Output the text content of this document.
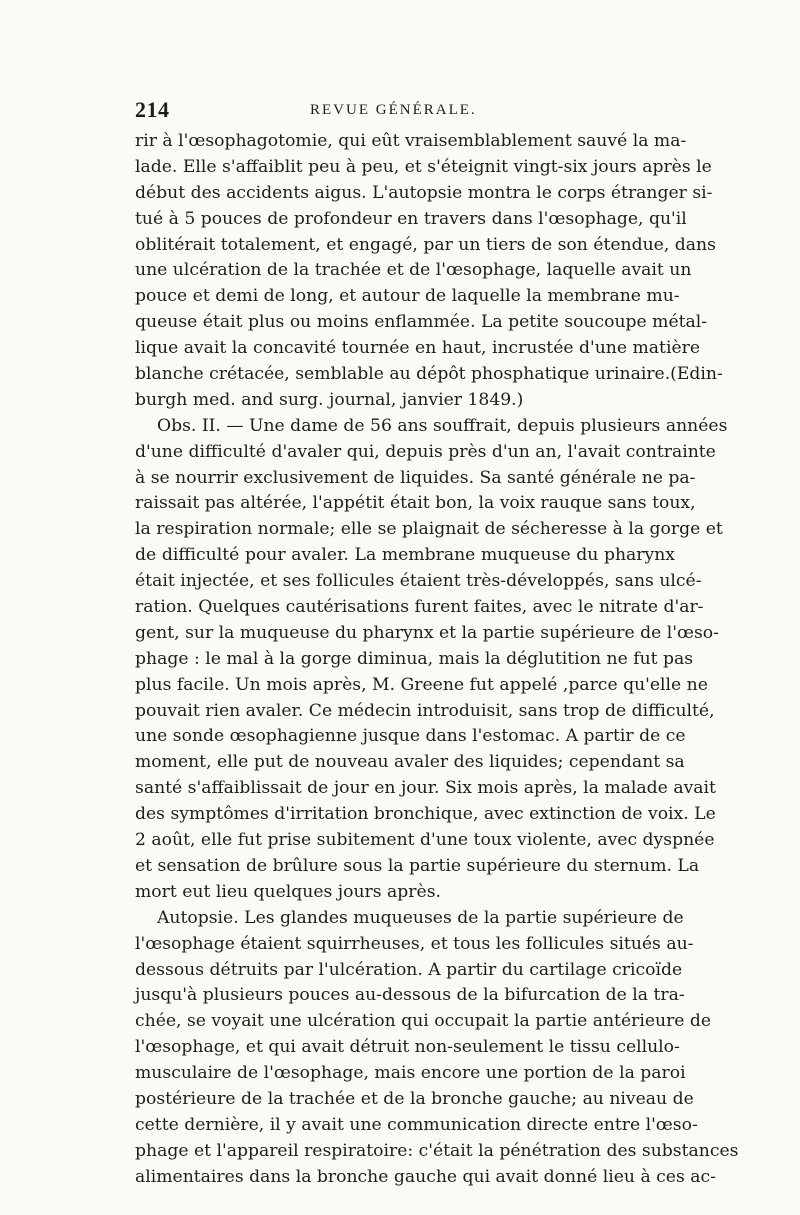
214	REVUE GÉNÉRALE.
rir à l'œsophagotomie, qui eût vraisemblablement sauvé la ma-
lade. Elle s'affaiblit peu à peu, et s'éteignit vingt-six jours après le
début des accidents aigus. L'autopsie montra le corps étranger si-
tué à 5 pouces de profondeur en travers dans l'œsophage, qu'il
oblitérait totalement, et engagé, par un tiers de son étendue, dans
une ulcération de la trachée et de l'œsophage, laquelle avait un
pouce et demi de long, et autour de laquelle la membrane mu-
queuse était plus ou moins enflammée. La petite soucoupe métal-
lique avait la concavité tournée en haut, incrustée d'une matière
blanche crétacée, semblable au dépôt phosphatique urinaire.(Edin-
burgh med. and surg. journal, janvier 1849.)
Obs. II. — Une dame de 56 ans souffrait, depuis plusieurs années
d'une difficulté d'avaler qui, depuis près d'un an, l'avait contrainte
à se nourrir exclusivement de liquides. Sa santé générale ne pa-
raissait pas altérée, l'appétit était bon, la voix rauque sans toux,
la respiration normale; elle se plaignait de sécheresse à la gorge et
de difficulté pour avaler. La membrane muqueuse du pharynx
était injectée, et ses follicules étaient très-développés, sans ulcé-
ration. Quelques cautérisations furent faites, avec le nitrate d'ar-
gent, sur la muqueuse du pharynx et la partie supérieure de l'œso-
phage : le mal à la gorge diminua, mais la déglutition ne fut pas
plus facile. Un mois après, M. Greene fut appelé ,parce qu'elle ne
pouvait rien avaler. Ce médecin introduisit, sans trop de difficulté,
une sonde œsophagienne jusque dans l'estomac. A partir de ce
moment, elle put de nouveau avaler des liquides; cependant sa
santé s'affaiblissait de jour en jour. Six mois après, la malade avait
des symptômes d'irritation bronchique, avec extinction de voix. Le
2 août, elle fut prise subitement d'une toux violente, avec dyspnée
et sensation de brûlure sous la partie supérieure du sternum. La
mort eut lieu quelques jours après.
Autopsie. Les glandes muqueuses de la partie supérieure de
l'œsophage étaient squirrheuses, et tous les follicules situés au-
dessous détruits par l'ulcération. A partir du cartilage cricoïde
jusqu'à plusieurs pouces au-dessous de la bifurcation de la tra-
chée, se voyait une ulcération qui occupait la partie antérieure de
l'œsophage, et qui avait détruit non-seulement le tissu cellulo-
musculaire de l'œsophage, mais encore une portion de la paroi
postérieure de la trachée et de la bronche gauche; au niveau de
cette dernière, il y avait une communication directe entre l'œso-
phage et l'appareil respiratoire: c'était la pénétration des substances
alimentaires dans la bronche gauche qui avait donné lieu à ces ac-
